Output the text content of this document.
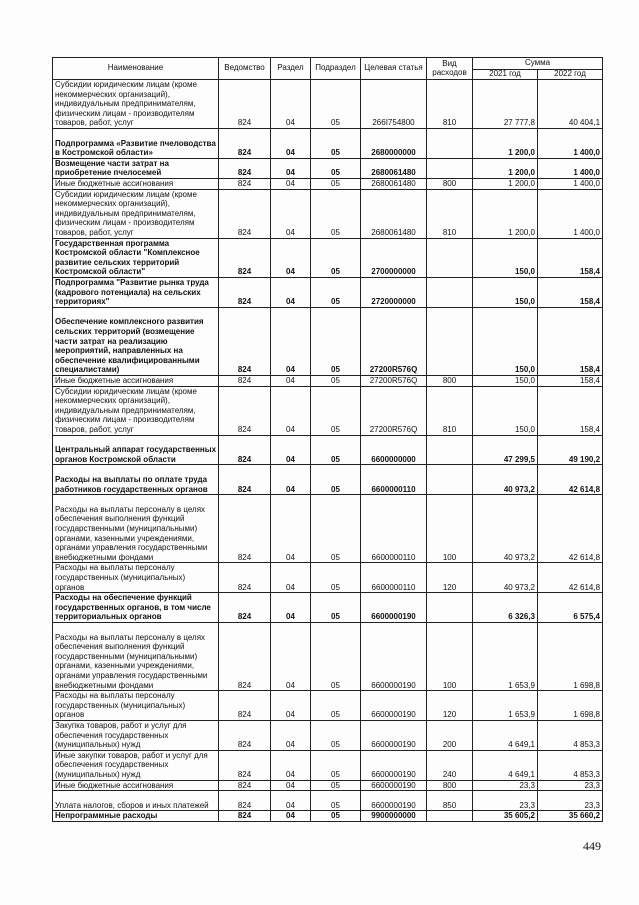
Наименование	Ведомство	Раздел	Подраздел	Целевая статья	Вид расходов	Сумма	
						2021 год	2022 год
Субсидии юридическим лицам (кроме некоммерческих организаций), индивидуальным предпринимателям, физическим лицам - производителям товаров, работ, услуг	824	04	05	266I754800	810	27 777,8	40 404,1
Подпрограмма «Развитие пчеловодства в Костромской области»	824	04	05	2680000000		1 200,0	1 400,0
Возмещение части затрат на приобретение пчелосемей	824	04	05	2680061480		1 200,0	1 400,0
Иные бюджетные ассигнования	824	04	05	2680061480	800	1 200,0	1 400,0
Субсидии юридическим лицам (кроме некоммерческих организаций), индивидуальным предпринимателям, физическим лицам - производителям товаров, работ, услуг	824	04	05	2680061480	810	1 200,0	1 400,0
Государственная программа Костромской области "Комплексное развитие сельских территорий Костромской области"	824	04	05	2700000000		150,0	158,4
Подпрограмма "Развитие рынка труда (кадрового потенциала) на сельских территориях"	824	04	05	2720000000		150,0	158,4
Обеспечение комплексного развития сельских территорий (возмещение части затрат на реализацию мероприятий, направленных на обеспечение квалифицированными специалистами)	824	04	05	27200R576Q		150,0	158,4
Иные бюджетные ассигнования	824	04	05	27200R576Q	800	150,0	158,4
Субсидии юридическим лицам (кроме некоммерческих организаций), индивидуальным предпринимателям, физическим лицам - производителям товаров, работ, услуг	824	04	05	27200R576Q	810	150,0	158,4
Центральный аппарат государственных органов Костромской области	824	04	05	6600000000		47 299,5	49 190,2
Расходы на выплаты по оплате труда работников государственных органов	824	04	05	6600000110		40 973,2	42 614,8
Расходы на выплаты персоналу в целях обеспечения выполнения функций государственными (муниципальными) органами, казенными учреждениями, органами управления государственными внебюджетными фондами	824	04	05	6600000110	100	40 973,2	42 614,8
Расходы на выплаты персоналу государственных (муниципальных) органов	824	04	05	6600000110	120	40 973,2	42 614,8
Расходы на обеспечение функций государственных органов, в том числе территориальных органов	824	04	05	6600000190		6 326,3	6 575,4
Расходы на выплаты персоналу в целях обеспечения выполнения функций государственными (муниципальными) органами, казенными учреждениями, органами управления государственными внебюджетными фондами	824	04	05	6600000190	100	1 653,9	1 698,8
Расходы на выплаты персоналу государственных (муниципальных) органов	824	04	05	6600000190	120	1 653,9	1 698,8
Закупка товаров, работ и услуг для обеспечения государственных (муниципальных) нужд	824	04	05	6600000190	200	4 649,1	4 853,3
Иные закупки товаров, работ и услуг для обеспечения государственных (муниципальных) нужд	824	04	05	6600000190	240	4 649,1	4 853,3
Иные бюджетные ассигнования	824	04	05	6600000190	800	23,3	23,3
Уплата налогов, сборов и иных платежей	824	04	05	6600000190	850	23,3	23,3
Непрограммные расходы	824	04	05	9900000000		35 605,2	35 660,2
449
